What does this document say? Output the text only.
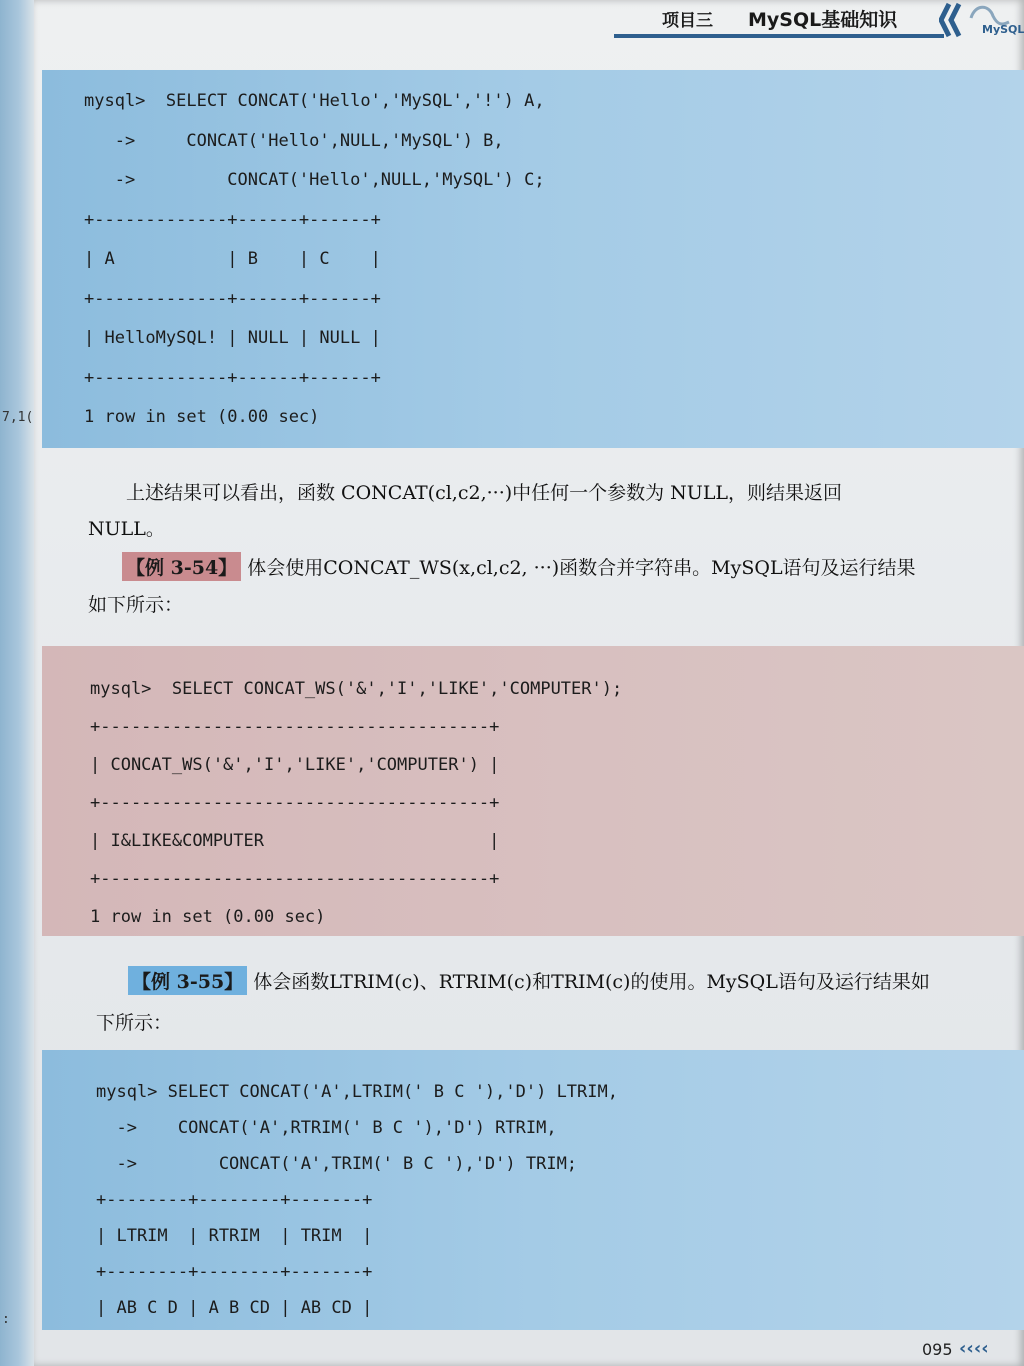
7,1(
:
项目三 MySQL基础知识	MySQL
mysql>  SELECT CONCAT('Hello','MySQL','!') A,
->     CONCAT('Hello',NULL,'MySQL') B,
->         CONCAT('Hello',NULL,'MySQL') C;
+-------------+------+------+
| A           | B    | C    |
+-------------+------+------+
| HelloMySQL! | NULL | NULL |
+-------------+------+------+
1 row in set (0.00 sec)
上述结果可以看出，函数 CONCAT(cl,c2,···)中任何一个参数为 NULL，则结果返回
NULL。
【例 3-54】 体会使用CONCAT_WS(x,cl,c2, ···)函数合并字符串。MySQL语句及运行结果
如下所示：
mysql>  SELECT CONCAT_WS('&','I','LIKE','COMPUTER');
+--------------------------------------+
| CONCAT_WS('&','I','LIKE','COMPUTER') |
+--------------------------------------+
| I&LIKE&COMPUTER                      |
+--------------------------------------+
1 row in set (0.00 sec)
【例 3-55】 体会函数LTRIM(c)、RTRIM(c)和TRIM(c)的使用。MySQL语句及运行结果如
下所示：
mysql> SELECT CONCAT('A',LTRIM(' B C '),'D') LTRIM,
->    CONCAT('A',RTRIM(' B C '),'D') RTRIM,
->        CONCAT('A',TRIM(' B C '),'D') TRIM;
+--------+--------+-------+
| LTRIM  | RTRIM  | TRIM  |
+--------+--------+-------+
| AB C D | A B CD | AB CD |
095 ‹‹‹‹
